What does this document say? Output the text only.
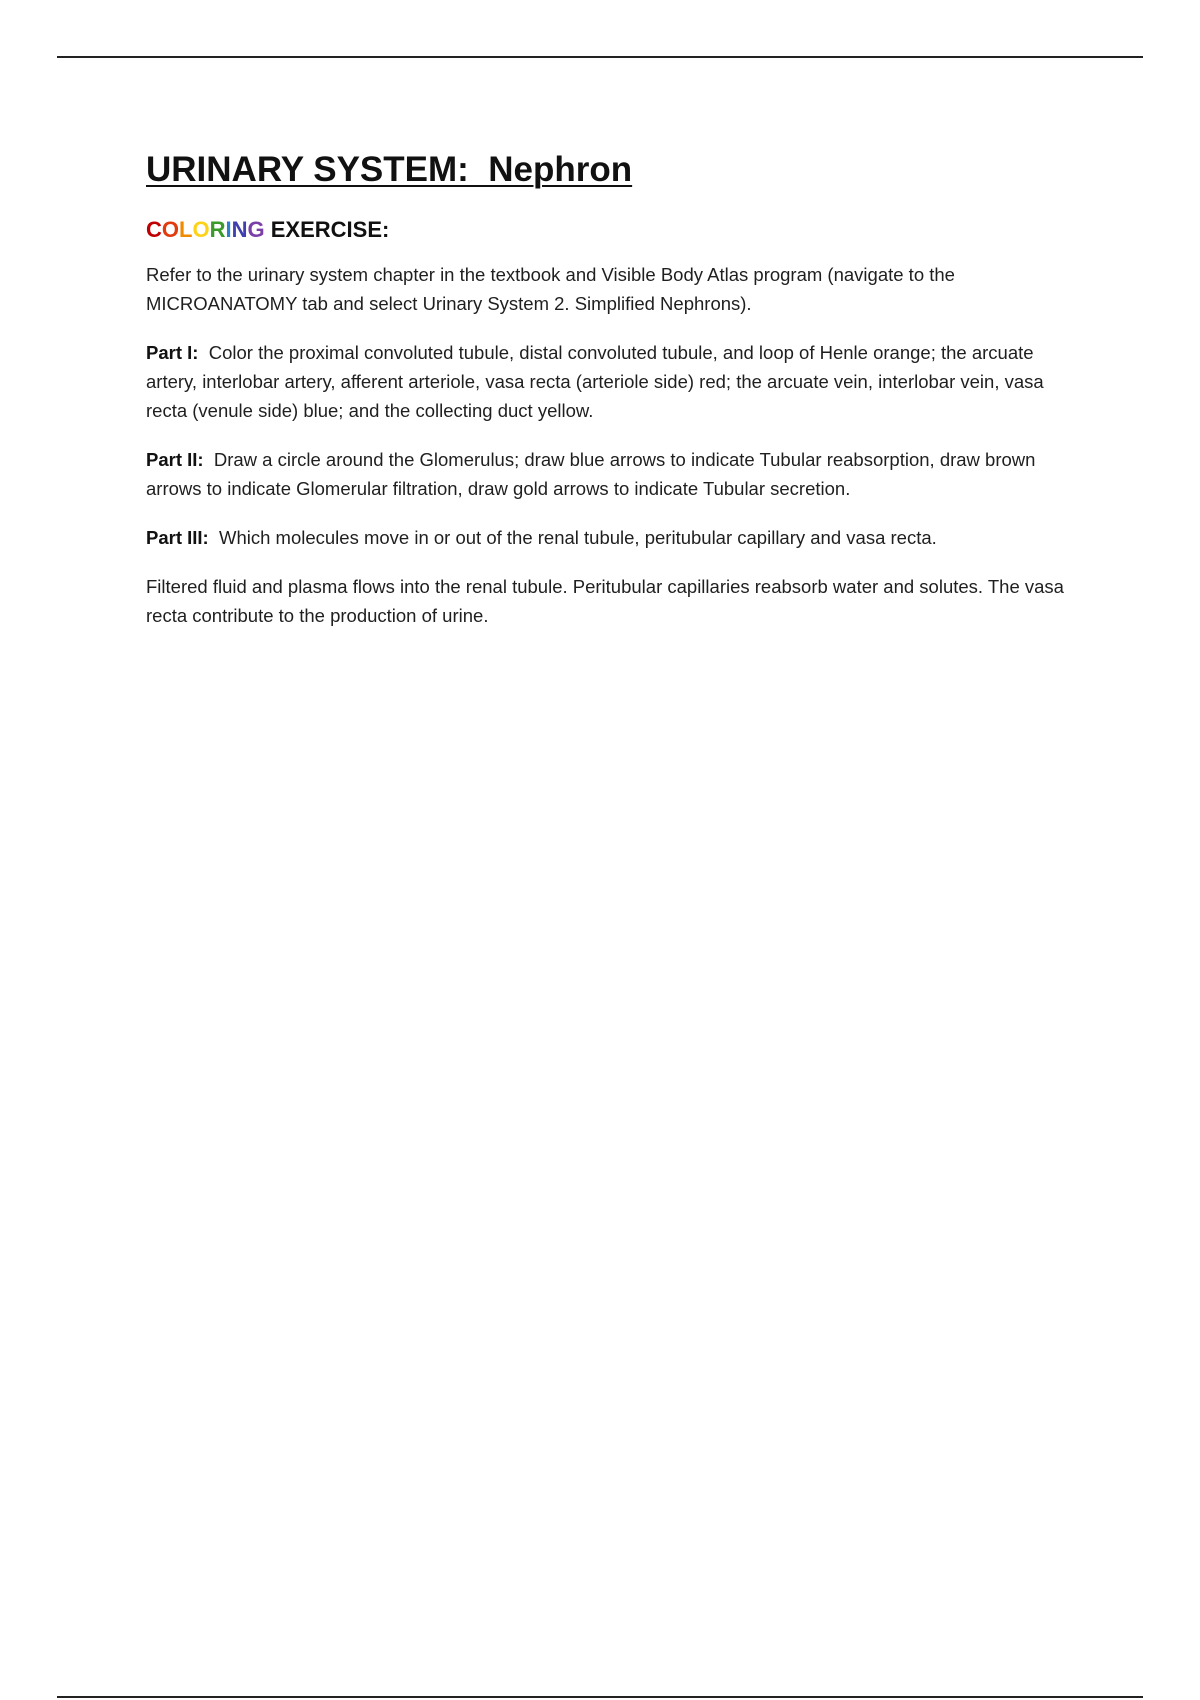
URINARY SYSTEM:  Nephron
COLORING EXERCISE:

Refer to the urinary system chapter in the textbook and Visible Body Atlas program (navigate to the MICROANATOMY tab and select Urinary System 2. Simplified Nephrons).

Part I:  Color the proximal convoluted tubule, distal convoluted tubule, and loop of Henle orange; the arcuate artery, interlobar artery, afferent arteriole, vasa recta (arteriole side) red; the arcuate vein, interlobar vein, vasa recta (venule side) blue; and the collecting duct yellow.

Part II:  Draw a circle around the Glomerulus; draw blue arrows to indicate Tubular reabsorption, draw brown arrows to indicate Glomerular filtration, draw gold arrows to indicate Tubular secretion.

Part III:  Which molecules move in or out of the renal tubule, peritubular capillary and vasa recta.

Filtered fluid and plasma flows into the renal tubule. Peritubular capillaries reabsorb water and solutes. The vasa recta contribute to the production of urine.
